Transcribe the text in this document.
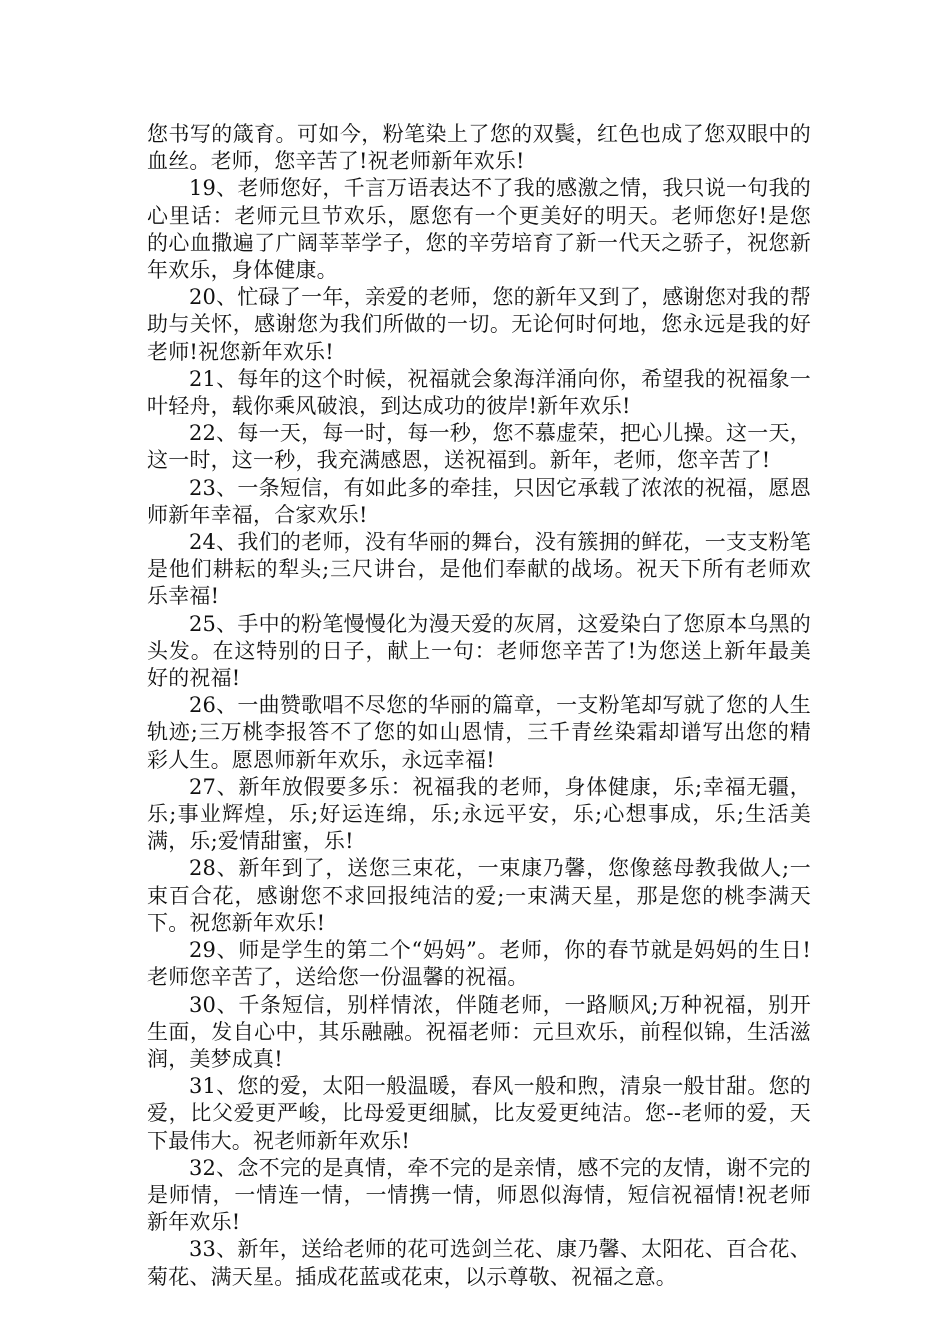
您书写的箴育。可如今，粉笔染上了您的双鬓，红色也成了您双眼中的血丝。老师，您辛苦了!祝老师新年欢乐!

19、老师您好，千言万语表达不了我的感激之情，我只说一句我的心里话：老师元旦节欢乐，愿您有一个更美好的明天。老师您好!是您的心血撒遍了广阔莘莘学子，您的辛劳培育了新一代天之骄子，祝您新年欢乐，身体健康。

20、忙碌了一年，亲爱的老师，您的新年又到了，感谢您对我的帮助与关怀，感谢您为我们所做的一切。无论何时何地，您永远是我的好老师!祝您新年欢乐!

21、每年的这个时候，祝福就会象海洋涌向你，希望我的祝福象一叶轻舟，载你乘风破浪，到达成功的彼岸!新年欢乐!

22、每一天，每一时，每一秒，您不慕虚荣，把心儿操。这一天，这一时，这一秒，我充满感恩，送祝福到。新年，老师，您辛苦了!

23、一条短信，有如此多的牵挂，只因它承载了浓浓的祝福，愿恩师新年幸福，合家欢乐!

24、我们的老师，没有华丽的舞台，没有簇拥的鲜花，一支支粉笔是他们耕耘的犁头;三尺讲台，是他们奉献的战场。祝天下所有老师欢乐幸福!

25、手中的粉笔慢慢化为漫天爱的灰屑，这爱染白了您原本乌黑的头发。在这特别的日子，献上一句：老师您辛苦了!为您送上新年最美好的祝福!

26、一曲赞歌唱不尽您的华丽的篇章，一支粉笔却写就了您的人生轨迹;三万桃李报答不了您的如山恩情，三千青丝染霜却谱写出您的精彩人生。愿恩师新年欢乐，永远幸福!

27、新年放假要多乐：祝福我的老师，身体健康，乐;幸福无疆，乐;事业辉煌，乐;好运连绵，乐;永远平安，乐;心想事成，乐;生活美满，乐;爱情甜蜜，乐!

28、新年到了，送您三束花，一束康乃馨，您像慈母教我做人;一束百合花，感谢您不求回报纯洁的爱;一束满天星，那是您的桃李满天下。祝您新年欢乐!

29、师是学生的第二个“妈妈”。老师，你的春节就是妈妈的生日!老师您辛苦了，送给您一份温馨的祝福。

30、千条短信，别样情浓，伴随老师，一路顺风;万种祝福，别开生面，发自心中，其乐融融。祝福老师：元旦欢乐，前程似锦，生活滋润，美梦成真!

31、您的爱，太阳一般温暖，春风一般和煦，清泉一般甘甜。您的爱，比父爱更严峻，比母爱更细腻，比友爱更纯洁。您--老师的爱，天下最伟大。祝老师新年欢乐!

32、念不完的是真情，牵不完的是亲情，感不完的友情，谢不完的是师情，一情连一情，一情携一情，师恩似海情，短信祝福情!祝老师新年欢乐!

33、新年，送给老师的花可选剑兰花、康乃馨、太阳花、百合花、菊花、满天星。插成花蓝或花束，以示尊敬、祝福之意。
